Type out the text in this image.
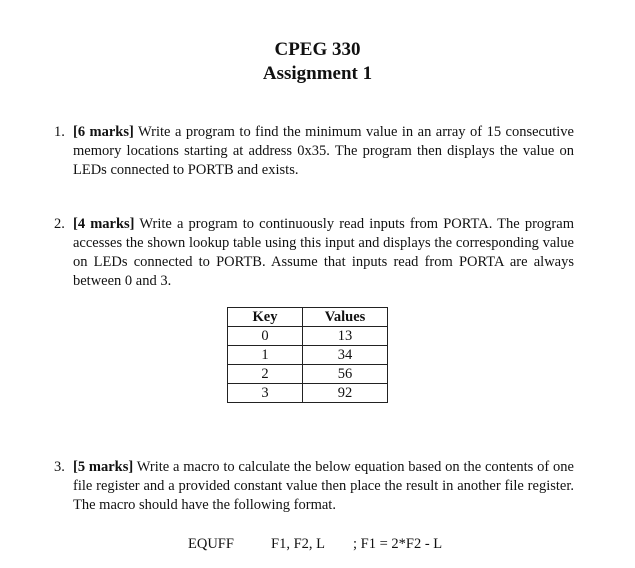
CPEG 330
Assignment 1
1. [6 marks] Write a program to find the minimum value in an array of 15 consecutive memory locations starting at address 0x35. The program then displays the value on LEDs connected to PORTB and exists.
2. [4 marks] Write a program to continuously read inputs from PORTA. The program accesses the shown lookup table using this input and displays the corresponding value on LEDs connected to PORTB. Assume that inputs read from PORTA are always between 0 and 3.
Key	Values
0	13
1	34
2	56
3	92
3. [5 marks] Write a macro to calculate the below equation based on the contents of one file register and a provided constant value then place the result in another file register. The macro should have the following format.
EQUFF	F1, F2, L ; F1 = 2*F2 - L
